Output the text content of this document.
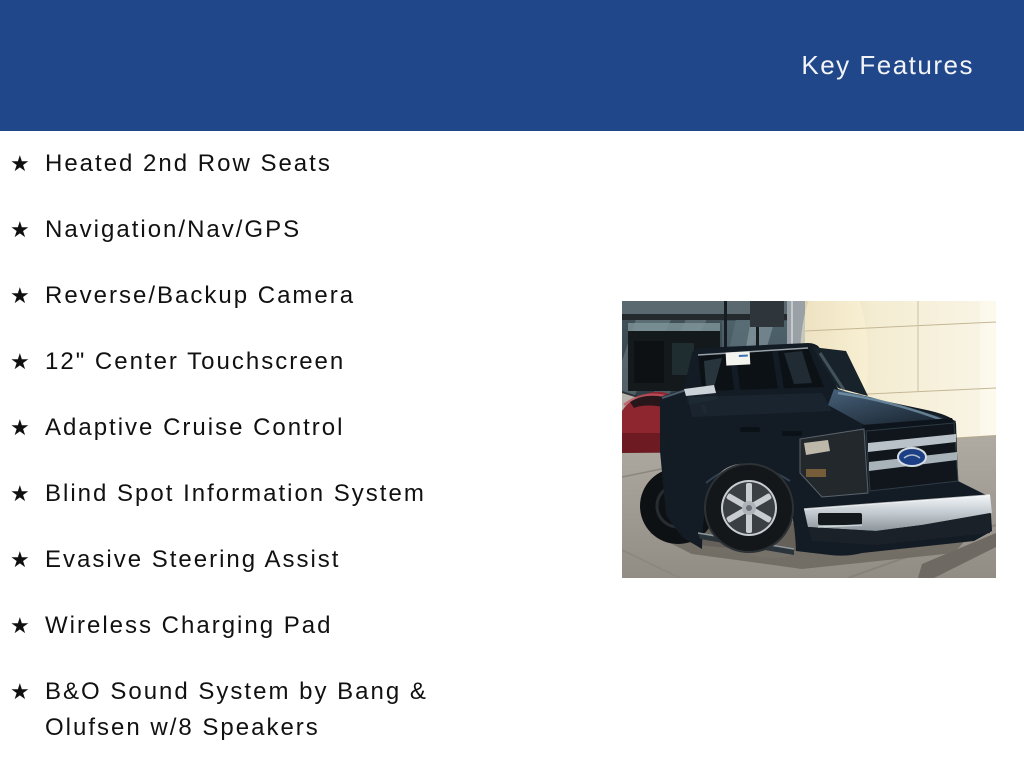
Key Features
★ Heated 2nd Row Seats
★ Navigation/Nav/GPS
★ Reverse/Backup Camera
★ 12" Center Touchscreen
★ Adaptive Cruise Control
★ Blind Spot Information System
★ Evasive Steering Assist
★ Wireless Charging Pad
★ B&O Sound System by Bang & Olufsen w/8 Speakers
